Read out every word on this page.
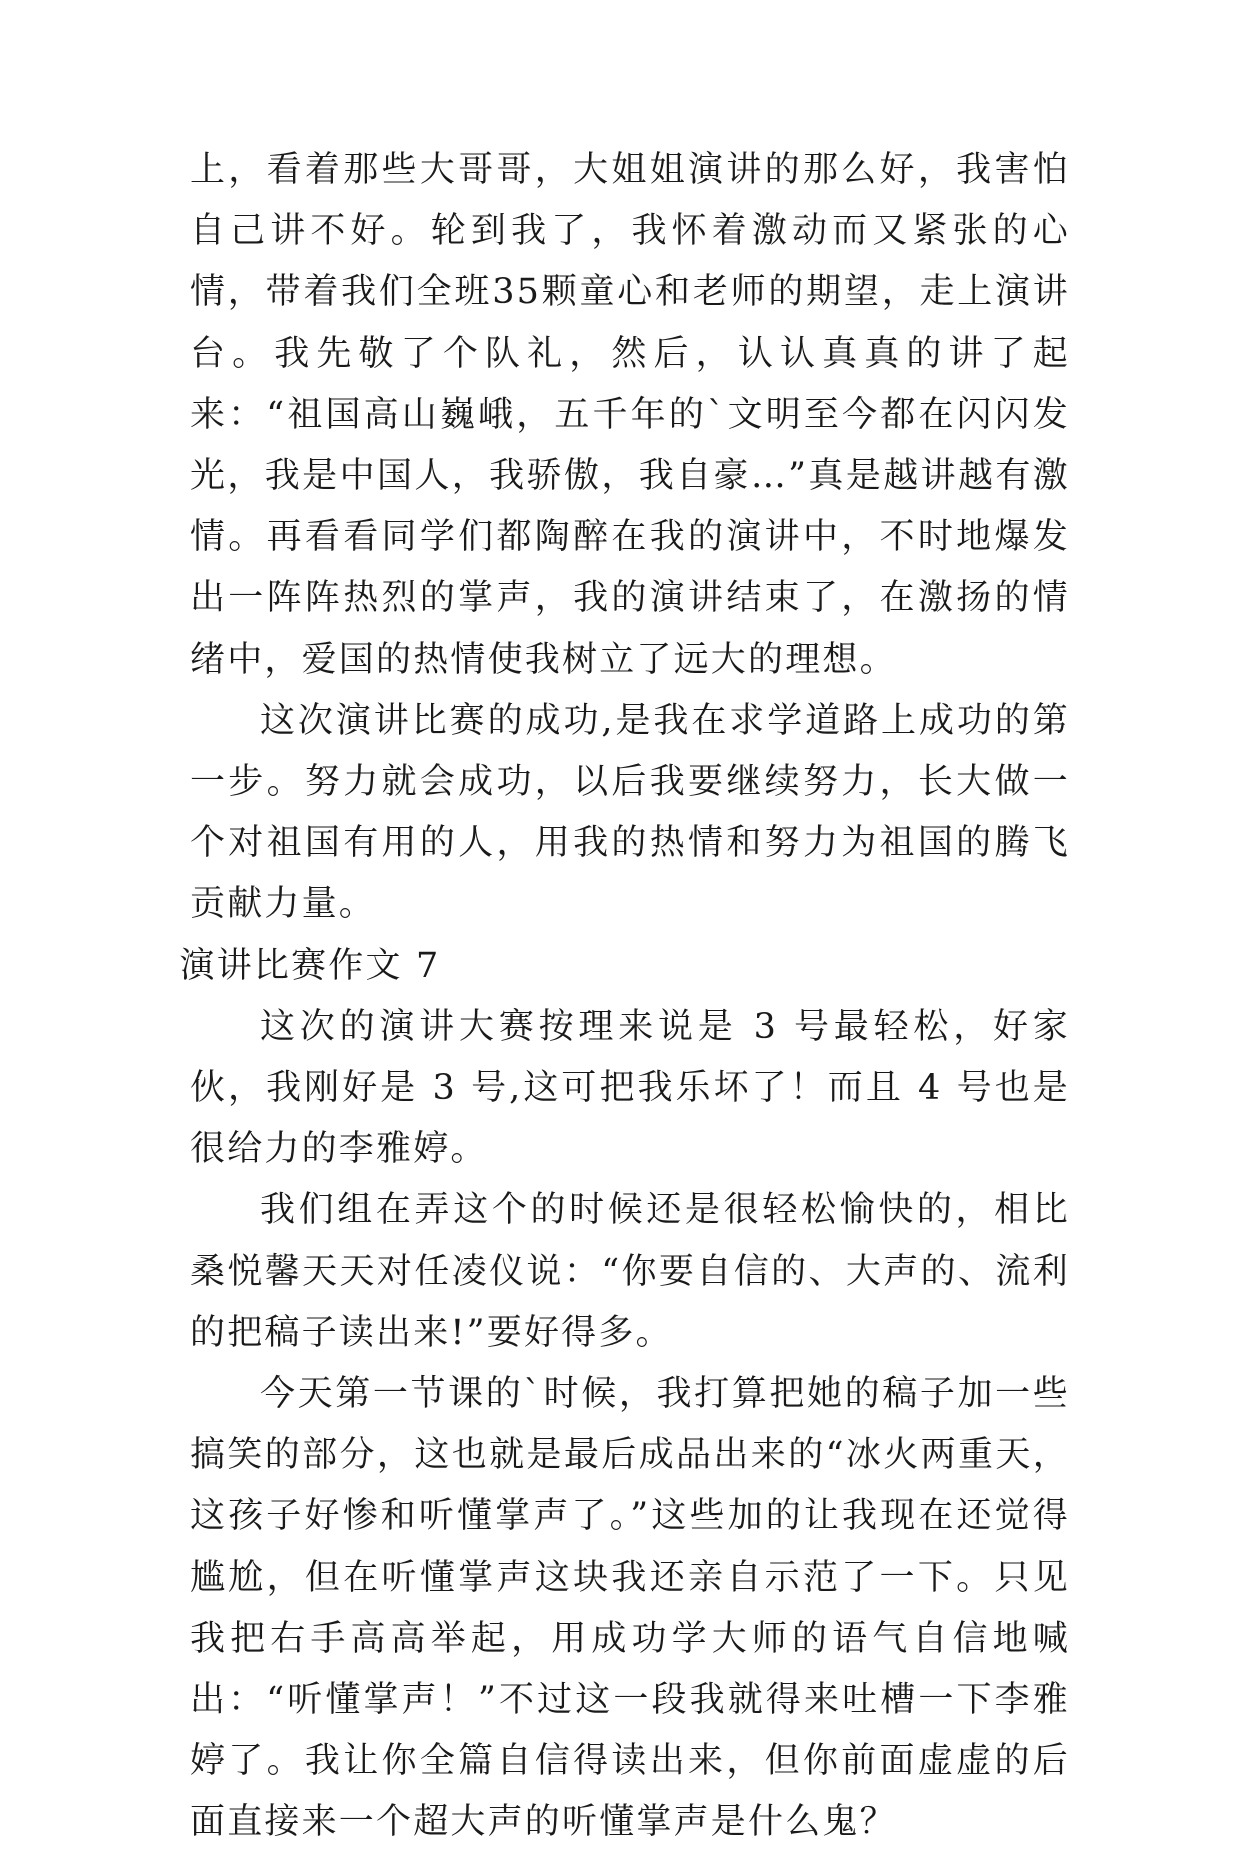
上，看着那些大哥哥，大姐姐演讲的那么好，我害怕自己讲不好。轮到我了，我怀着激动而又紧张的心情，带着我们全班35颗童心和老师的期望，走上演讲台。我先敬了个队礼，然后，认认真真的讲了起来：“祖国高山巍峨，五千年的`文明至今都在闪闪发光，我是中国人，我骄傲，我自豪…”真是越讲越有激情。再看看同学们都陶醉在我的演讲中，不时地爆发出一阵阵热烈的掌声，我的演讲结束了，在激扬的情绪中，爱国的热情使我树立了远大的理想。

这次演讲比赛的成功,是我在求学道路上成功的第一步。努力就会成功，以后我要继续努力，长大做一个对祖国有用的人，用我的热情和努力为祖国的腾飞贡献力量。

演讲比赛作文 7

这次的演讲大赛按理来说是 3 号最轻松，好家伙，我刚好是 3 号,这可把我乐坏了！而且 4 号也是很给力的李雅婷。

我们组在弄这个的时候还是很轻松愉快的，相比桑悦馨天天对任凌仪说：“你要自信的、大声的、流利的把稿子读出来!”要好得多。

今天第一节课的`时候，我打算把她的稿子加一些搞笑的部分，这也就是最后成品出来的“冰火两重天，这孩子好惨和听懂掌声了。”这些加的让我现在还觉得尴尬，但在听懂掌声这块我还亲自示范了一下。只见我把右手高高举起，用成功学大师的语气自信地喊出：“听懂掌声！”不过这一段我就得来吐槽一下李雅婷了。我让你全篇自信得读出来，但你前面虚虚的后面直接来一个超大声的听懂掌声是什么鬼？
